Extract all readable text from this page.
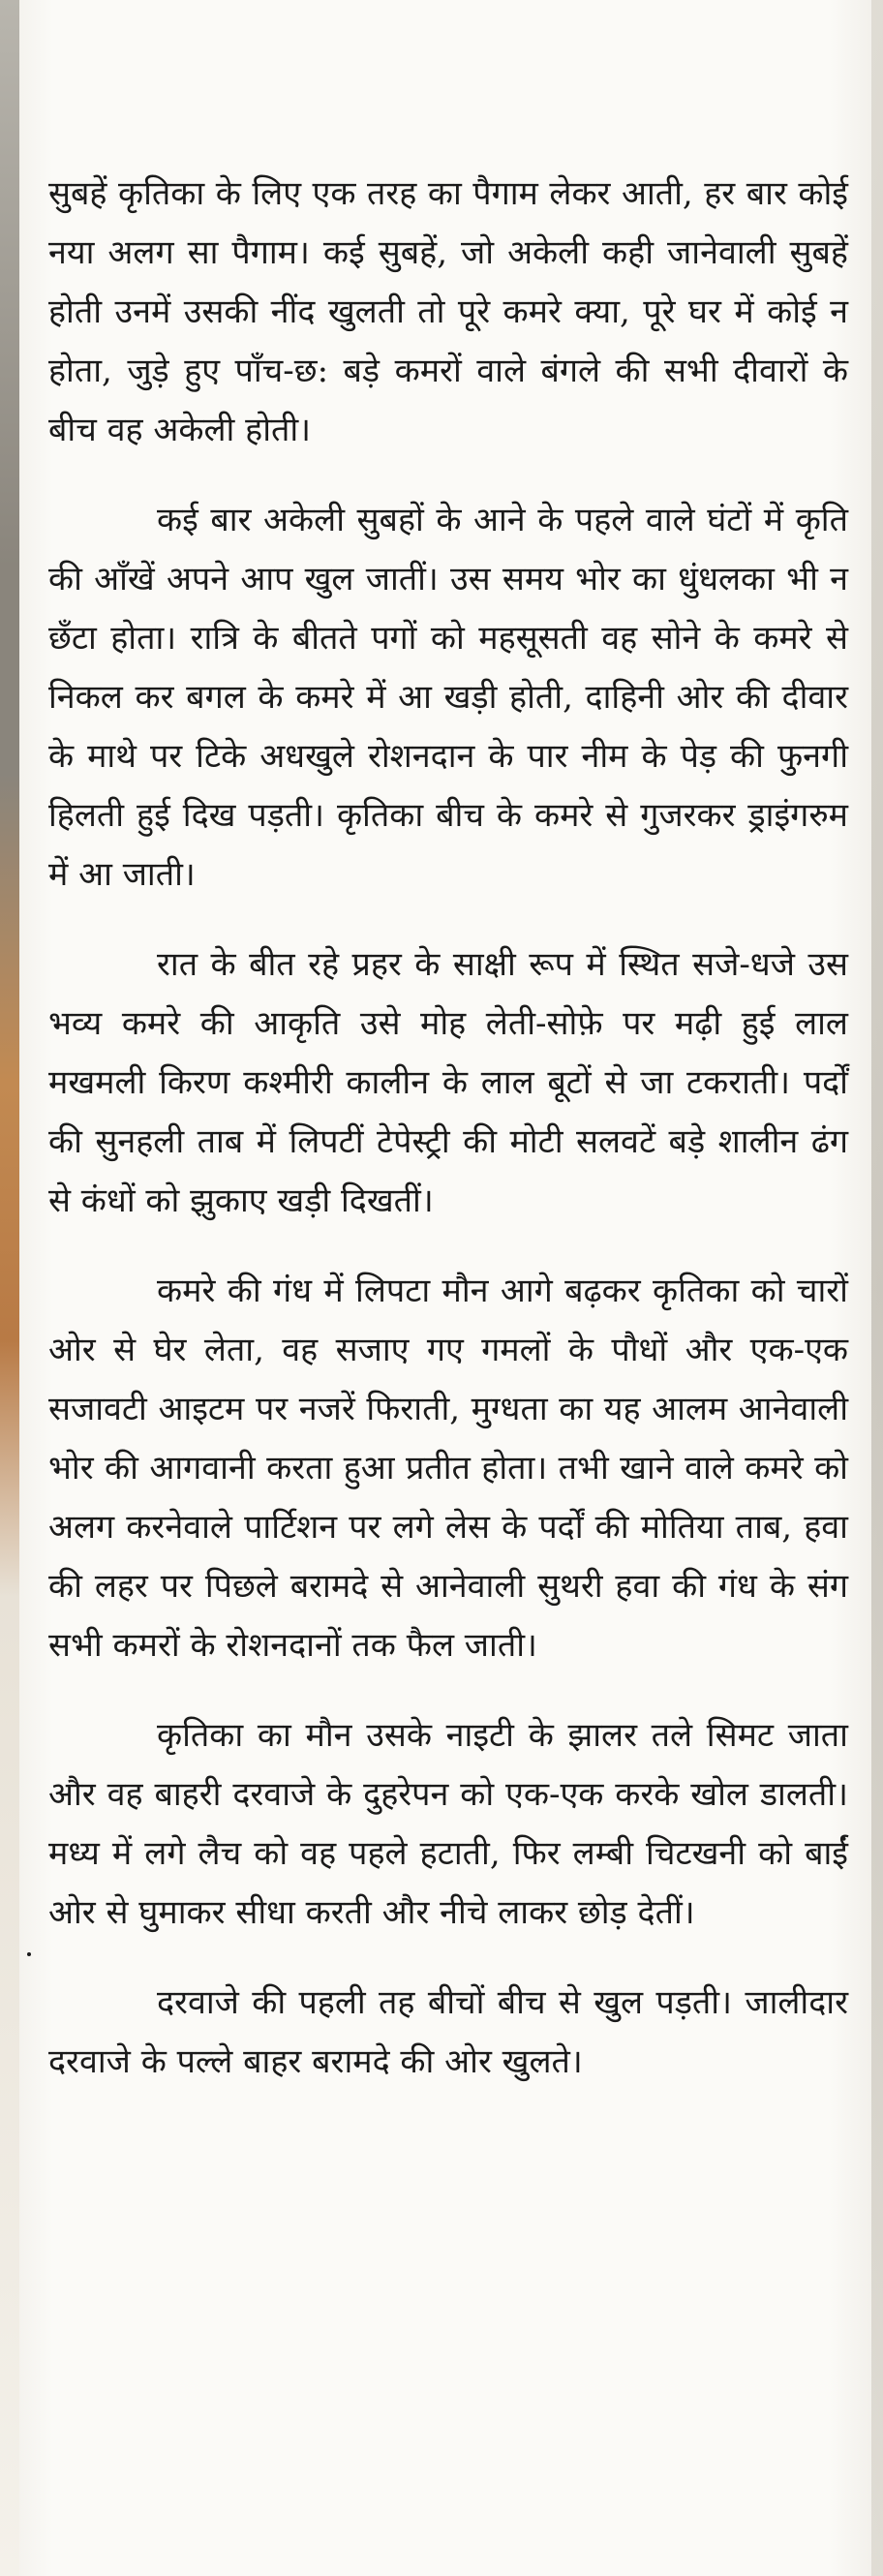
सुबहें कृतिका के लिए एक तरह का पैगाम लेकर आती, हर बार कोई नया अलग सा पैगाम। कई सुबहें, जो अकेली कही जानेवाली सुबहें होती उनमें उसकी नींद खुलती तो पूरे कमरे क्या, पूरे घर में कोई न होता, जुड़े हुए पाँच-छ: बड़े कमरों वाले बंगले की सभी दीवारों के बीच वह अकेली होती।

कई बार अकेली सुबहों के आने के पहले वाले घंटों में कृति की आँखें अपने आप खुल जातीं। उस समय भोर का धुंधलका भी न छँटा होता। रात्रि के बीतते पगों को महसूसती वह सोने के कमरे से निकल कर बगल के कमरे में आ खड़ी होती, दाहिनी ओर की दीवार के माथे पर टिके अधखुले रोशनदान के पार नीम के पेड़ की फुनगी हिलती हुई दिख पड़ती। कृतिका बीच के कमरे से गुजरकर ड्राइंगरुम में आ जाती।

रात के बीत रहे प्रहर के साक्षी रूप में स्थित सजे-धजे उस भव्य कमरे की आकृति उसे मोह लेती-सोफ़े पर मढ़ी हुई लाल मखमली किरण कश्मीरी कालीन के लाल बूटों से जा टकराती। पर्दों की सुनहली ताब में लिपटीं टेपेस्ट्री की मोटी सलवटें बड़े शालीन ढंग से कंधों को झुकाए खड़ी दिखतीं।

कमरे की गंध में लिपटा मौन आगे बढ़कर कृतिका को चारों ओर से घेर लेता, वह सजाए गए गमलों के पौधों और एक-एक सजावटी आइटम पर नजरें फिराती, मुग्धता का यह आलम आनेवाली भोर की आगवानी करता हुआ प्रतीत होता। तभी खाने वाले कमरे को अलग करनेवाले पार्टिशन पर लगे लेस के पर्दों की मोतिया ताब, हवा की लहर पर पिछले बरामदे से आनेवाली सुथरी हवा की गंध के संग सभी कमरों के रोशनदानों तक फैल जाती।

कृतिका का मौन उसके नाइटी के झालर तले सिमट जाता और वह बाहरी दरवाजे के दुहरेपन को एक-एक करके खोल डालती। मध्य में लगे लैच को वह पहले हटाती, फिर लम्बी चिटखनी को बाईं ओर से घुमाकर सीधा करती और नीचे लाकर छोड़ देतीं।

दरवाजे की पहली तह बीचों बीच से खुल पड़ती। जालीदार दरवाजे के पल्ले बाहर बरामदे की ओर खुलते।
